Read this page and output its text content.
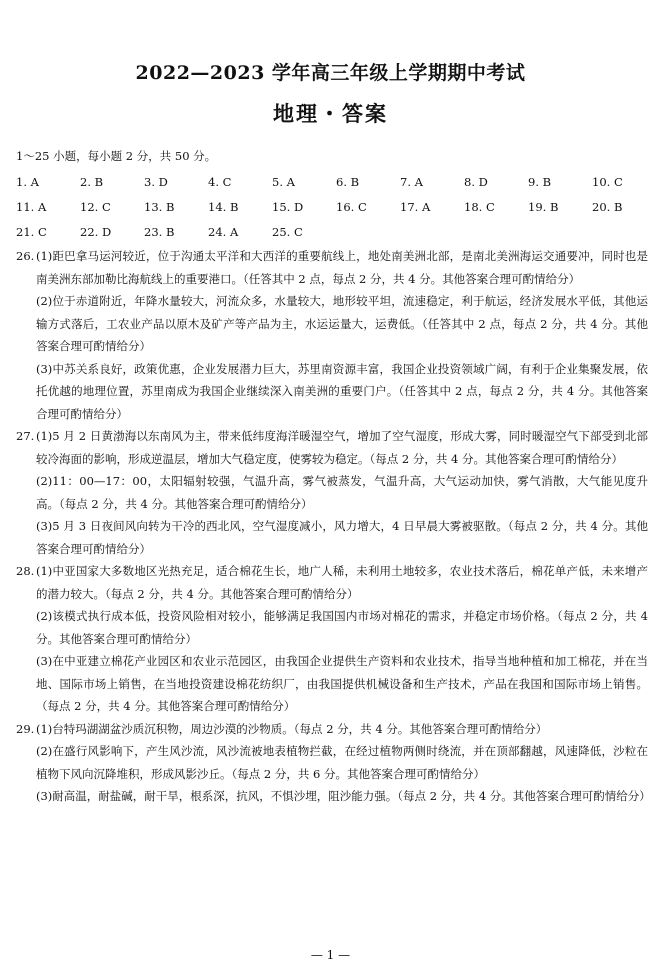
2022—2023 学年高三年级上学期期中考试
地理・答案
1～25 小题，每小题 2 分，共 50 分。
1. A	2. B	3. D	4. C	5. A	6. B	7. A	8. D	9. B	10. C
11. A	12. C	13. B	14. B	15. D	16. C	17. A	18. C	19. B	20. B
21. C	22. D	23. B	24. A	25. C
26. (1)距巴拿马运河较近，位于沟通太平洋和大西洋的重要航线上，地处南美洲北部，是南北美洲海运交通要冲，同时也是南美洲东部加勒比海航线上的重要港口。（任答其中 2 点，每点 2 分，共 4 分。其他答案合理可酌情给分）

(2)位于赤道附近，年降水量较大，河流众多，水量较大，地形较平坦，流速稳定，利于航运，经济发展水平低，其他运输方式落后，工农业产品以原木及矿产等产品为主，水运运量大，运费低。（任答其中 2 点，每点 2 分，共 4 分。其他答案合理可酌情给分）

(3)中苏关系良好，政策优惠，企业发展潜力巨大，苏里南资源丰富，我国企业投资领域广阔，有利于企业集聚发展，依托优越的地理位置，苏里南成为我国企业继续深入南美洲的重要门户。（任答其中 2 点，每点 2 分，共 4 分。其他答案合理可酌情给分）

27. (1)5 月 2 日黄渤海以东南风为主，带来低纬度海洋暖湿空气，增加了空气湿度，形成大雾，同时暖湿空气下部受到北部较冷海面的影响，形成逆温层，增加大气稳定度，使雾较为稳定。（每点 2 分，共 4 分。其他答案合理可酌情给分）

(2)11：00—17：00，太阳辐射较强，气温升高，雾气被蒸发，气温升高，大气运动加快，雾气消散，大气能见度升高。（每点 2 分，共 4 分。其他答案合理可酌情给分）

(3)5 月 3 日夜间风向转为干冷的西北风，空气湿度减小，风力增大，4 日早晨大雾被驱散。（每点 2 分，共 4 分。其他答案合理可酌情给分）

28. (1)中亚国家大多数地区光热充足，适合棉花生长，地广人稀，未利用土地较多，农业技术落后，棉花单产低，未来增产的潜力较大。（每点 2 分，共 4 分。其他答案合理可酌情给分）

(2)该模式执行成本低，投资风险相对较小，能够满足我国国内市场对棉花的需求，并稳定市场价格。（每点 2 分，共 4 分。其他答案合理可酌情给分）

(3)在中亚建立棉花产业园区和农业示范园区，由我国企业提供生产资料和农业技术，指导当地种植和加工棉花，并在当地、国际市场上销售，在当地投资建设棉花纺织厂，由我国提供机械设备和生产技术，产品在我国和国际市场上销售。（每点 2 分，共 4 分。其他答案合理可酌情给分）

29. (1)台特玛湖湖盆沙质沉积物，周边沙漠的沙物质。（每点 2 分，共 4 分。其他答案合理可酌情给分）

(2)在盛行风影响下，产生风沙流，风沙流被地表植物拦截，在经过植物两侧时绕流，并在顶部翻越，风速降低，沙粒在植物下风向沉降堆积，形成风影沙丘。（每点 2 分，共 6 分。其他答案合理可酌情给分）

(3)耐高温，耐盐碱，耐干旱，根系深，抗风，不惧沙埋，阻沙能力强。（每点 2 分，共 4 分。其他答案合理可酌情给分）

— 1 —
